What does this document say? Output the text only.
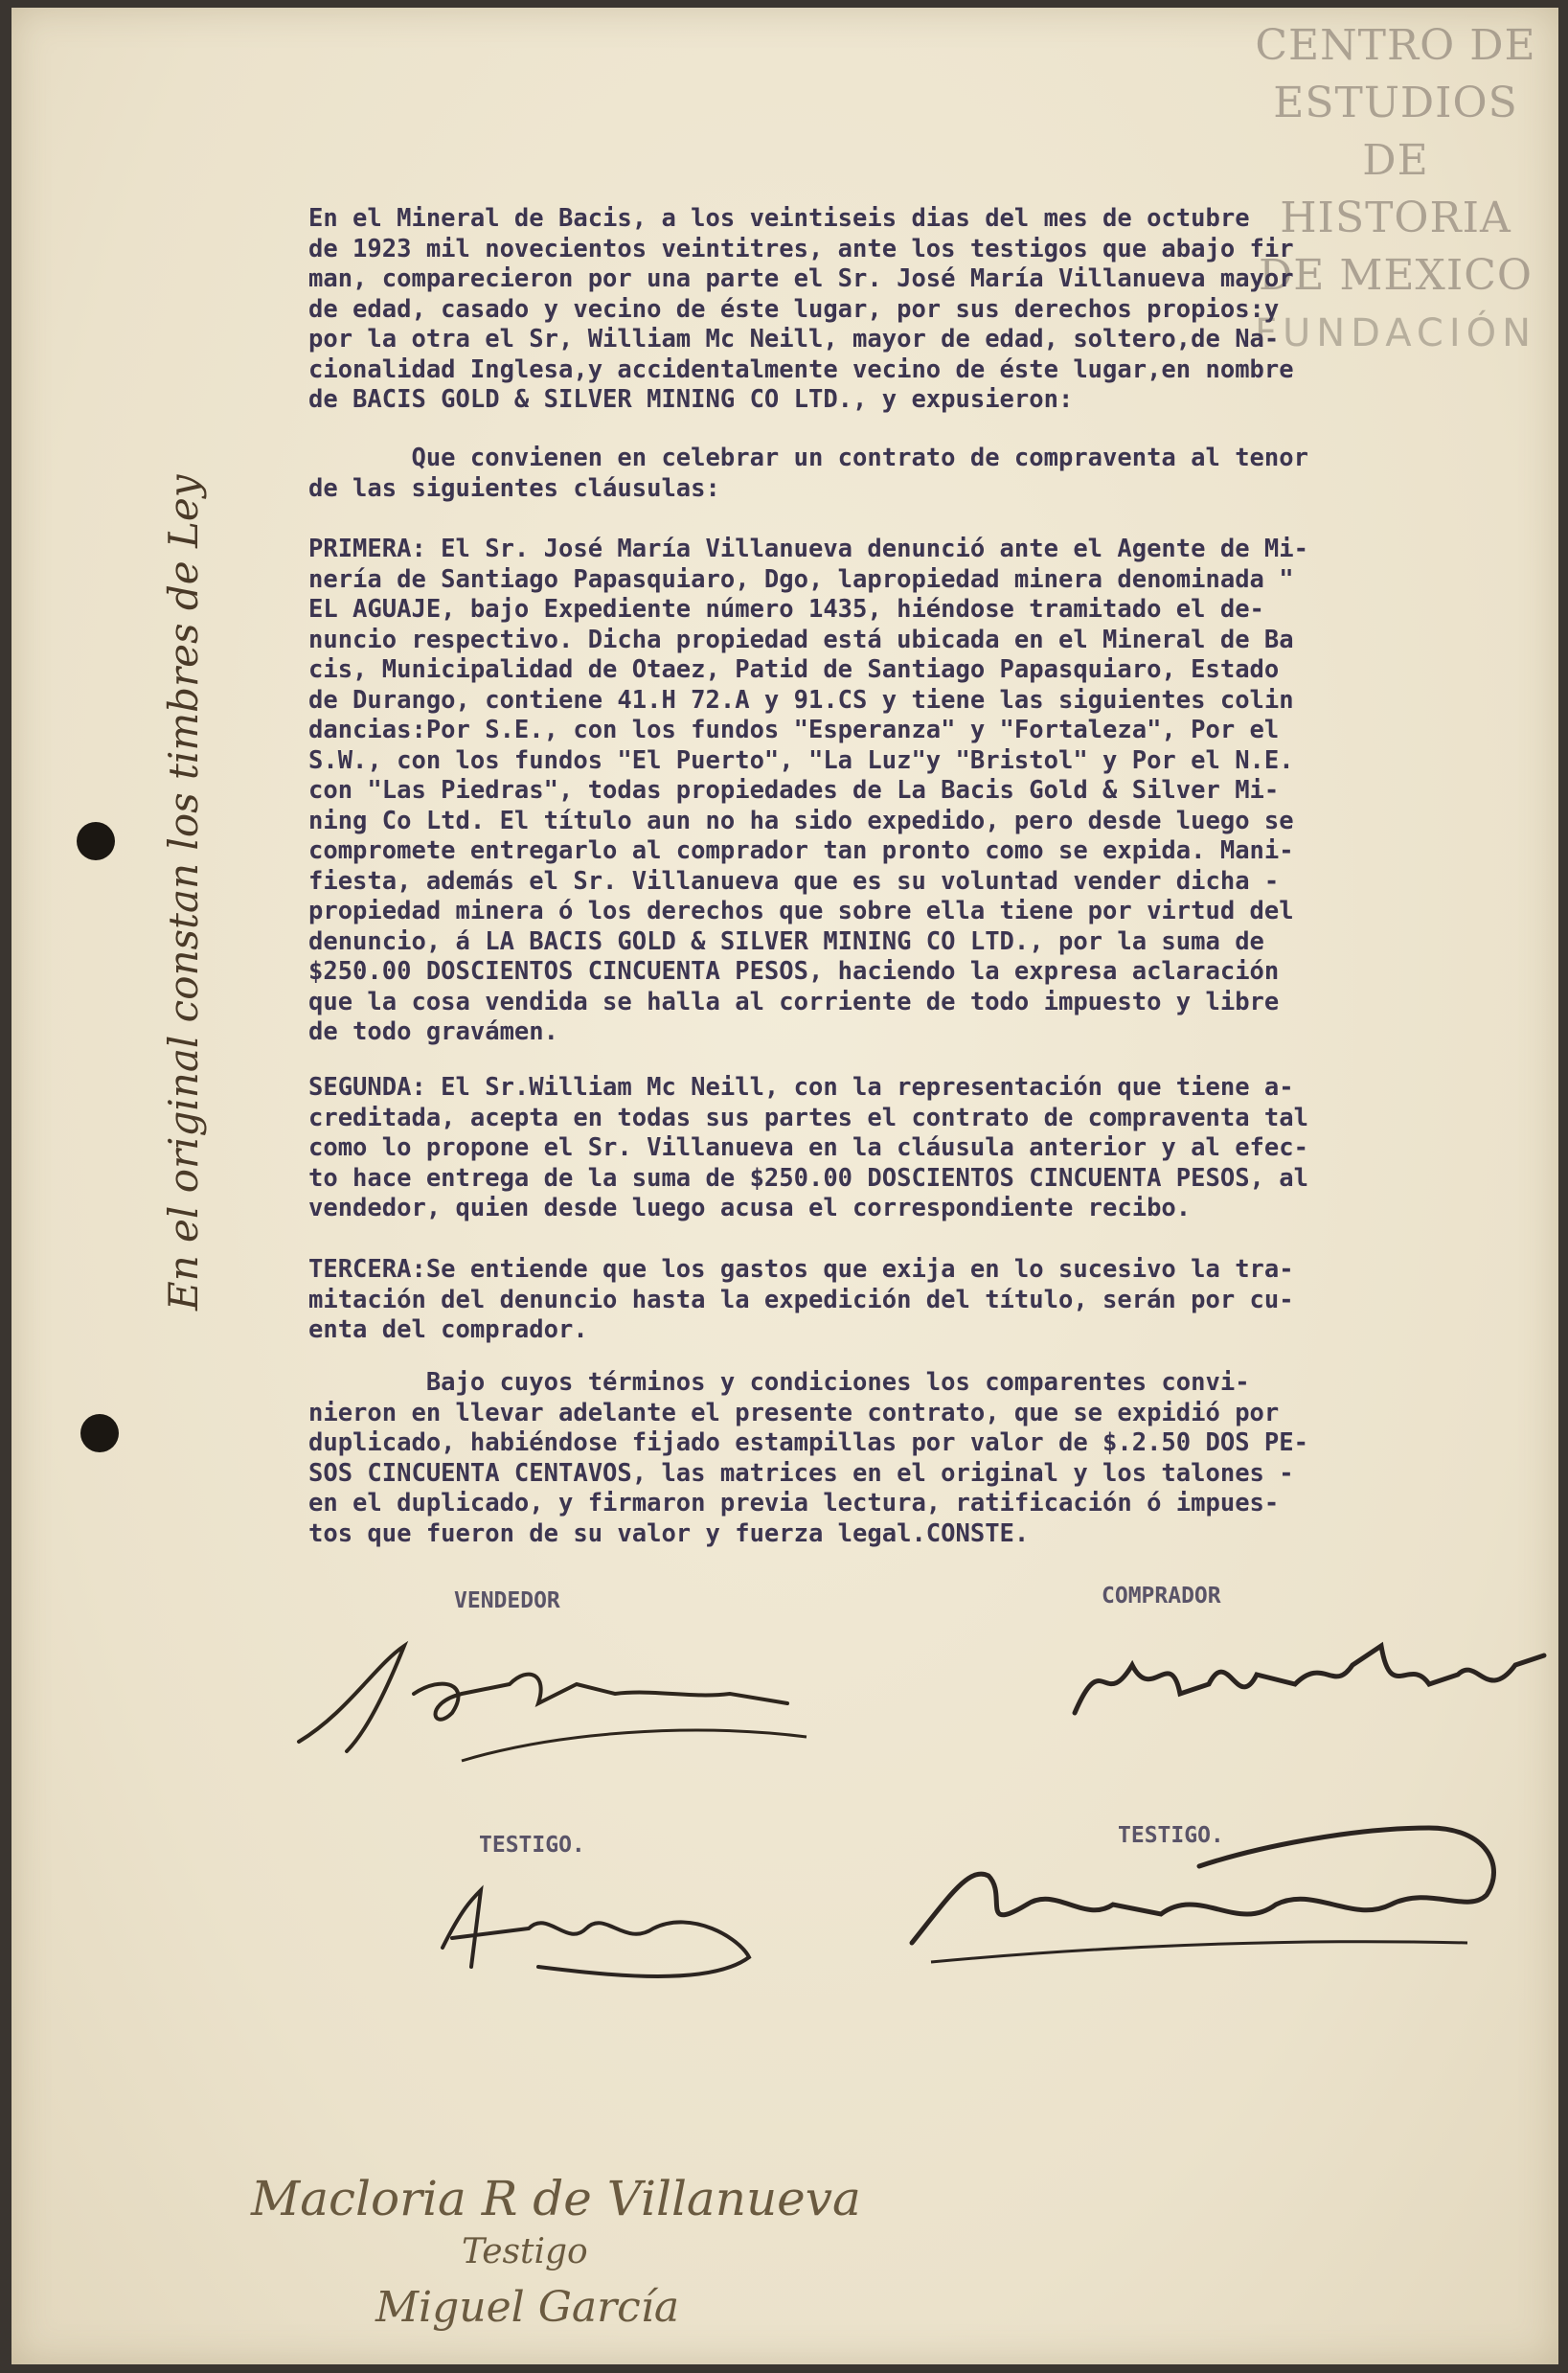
CENTRO DE
ESTUDIOS
DE HISTORIA
DE MEXICO
FUNDACIÓN
En el original constan los timbres de Ley
En el Mineral de Bacis, a los veintiseis dias del mes de octubre
de 1923 mil novecientos veintitres, ante los testigos que abajo fir
man, comparecieron por una parte el Sr. José María Villanueva mayor
de edad, casado y vecino de éste lugar, por sus derechos propios:y
por la otra el Sr, William Mc Neill, mayor de edad, soltero,de Na-
cionalidad Inglesa,y accidentalmente vecino de éste lugar,en nombre
de BACIS GOLD & SILVER MINING CO LTD., y expusieron:
Que convienen en celebrar un contrato de compraventa al tenor
de las siguientes cláusulas:
PRIMERA: El Sr. José María Villanueva denunció ante el Agente de Mi-
nería de Santiago Papasquiaro, Dgo, lapropiedad minera denominada "
EL AGUAJE, bajo Expediente número 1435, hiéndose tramitado el de-
nuncio respectivo. Dicha propiedad está ubicada en el Mineral de Ba
cis, Municipalidad de Otaez, Patid de Santiago Papasquiaro, Estado
de Durango, contiene 41.H 72.A y 91.CS y tiene las siguientes colin
dancias:Por S.E., con los fundos "Esperanza" y "Fortaleza", Por el
S.W., con los fundos "El Puerto", "La Luz"y "Bristol" y Por el N.E.
con "Las Piedras", todas propiedades de La Bacis Gold & Silver Mi-
ning Co Ltd. El título aun no ha sido expedido, pero desde luego se
compromete entregarlo al comprador tan pronto como se expida. Mani-
fiesta, además el Sr. Villanueva que es su voluntad vender dicha -
propiedad minera ó los derechos que sobre ella tiene por virtud del
denuncio, á LA BACIS GOLD & SILVER MINING CO LTD., por la suma de
$250.00 DOSCIENTOS CINCUENTA PESOS, haciendo la expresa aclaración
que la cosa vendida se halla al corriente de todo impuesto y libre
de todo gravámen.
SEGUNDA: El Sr.William Mc Neill, con la representación que tiene a-
creditada, acepta en todas sus partes el contrato de compraventa tal
como lo propone el Sr. Villanueva en la cláusula anterior y al efec-
to hace entrega de la suma de $250.00 DOSCIENTOS CINCUENTA PESOS, al
vendedor, quien desde luego acusa el correspondiente recibo.
TERCERA:Se entiende que los gastos que exija en lo sucesivo la tra-
mitación del denuncio hasta la expedición del título, serán por cu-
enta del comprador.
Bajo cuyos términos y condiciones los comparentes convi-
nieron en llevar adelante el presente contrato, que se expidió por
duplicado, habiéndose fijado estampillas por valor de $.2.50 DOS PE-
SOS CINCUENTA CENTAVOS, las matrices en el original y los talones -
en el duplicado, y firmaron previa lectura, ratificación ó impues-
tos que fueron de su valor y fuerza legal.CONSTE.
VENDEDOR	COMPRADOR
TESTIGO.	TESTIGO.
Macloria R de Villanueva
Testigo
Miguel García
